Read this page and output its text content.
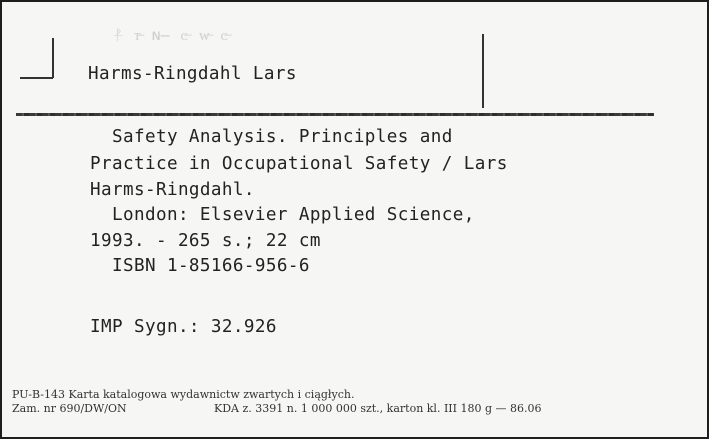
ᚠ̶ ᴛ̶ ɴ̶ ᴄ̶ ᴡ̶ ᴄ̶
Harms-Ringdahl Lars
Safety Analysis. Principles and
Practice in Occupational Safety / Lars
Harms-Ringdahl.
London: Elsevier Applied Science,
1993. - 265 s.; 22 cm
ISBN 1-85166-956-6
IMP Sygn.: 32.926
PU-B-143 Karta katalogowa wydawnictw zwartych i ciągłych.
Zam. nr 690/DW/ON	KDA z. 3391 n. 1 000 000 szt., karton kl. III 180 g — 86.06
